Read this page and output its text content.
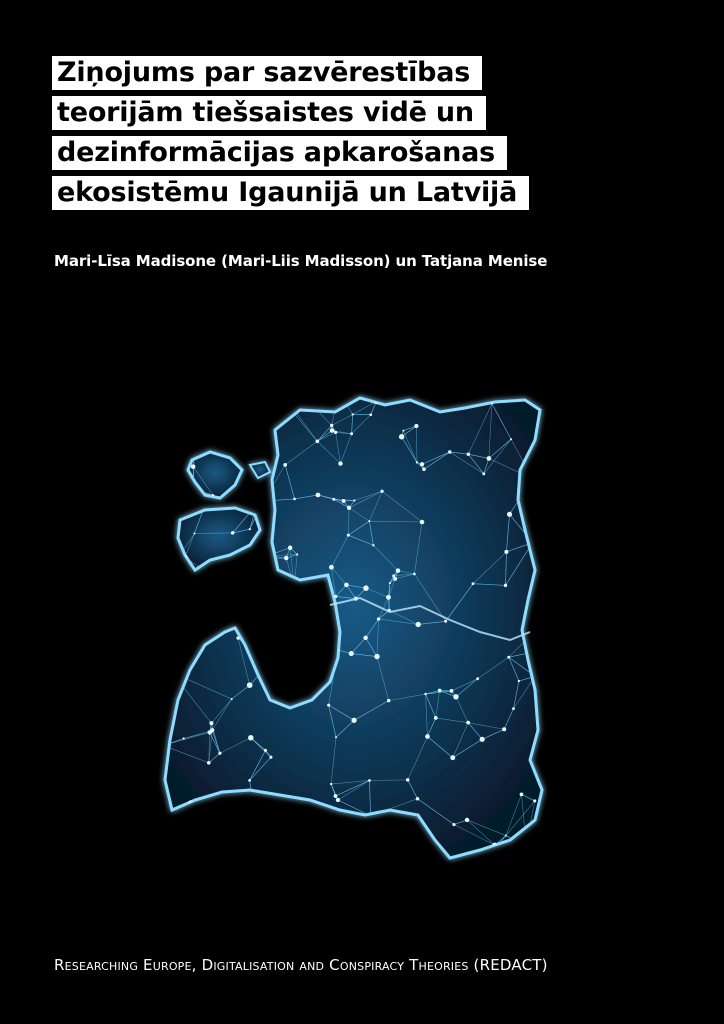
Ziņojums par sazvērestības
teorijām tiešsaistes vidē un
dezinformācijas apkarošanas
ekosistēmu Igaunijā un Latvijā
Mari-Līsa Madisone (Mari-Liis Madisson) un Tatjana Menise
Researching Europe, Digitalisation and Conspiracy Theories (REDACT)
